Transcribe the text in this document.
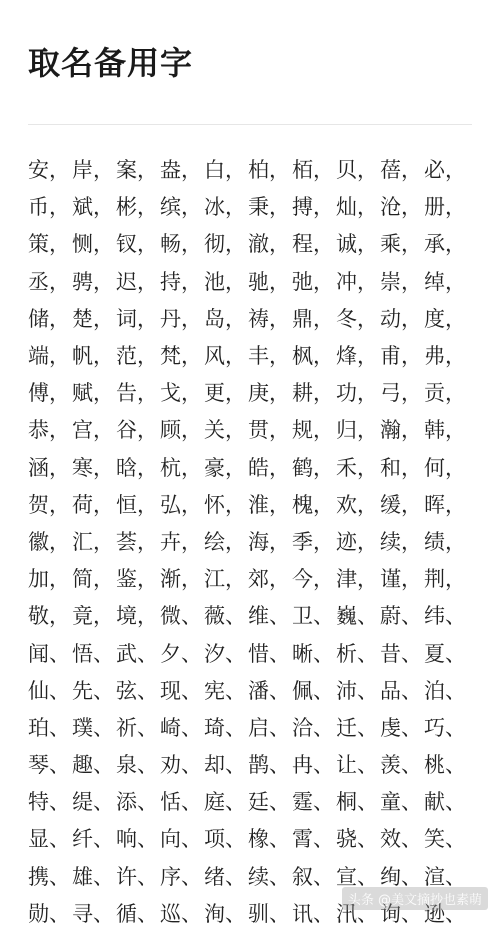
取名备用字
安， 岸， 案， 盎， 白， 柏， 栢， 贝， 蓓， 必，
币， 斌， 彬， 缤， 冰， 秉， 搏， 灿， 沧， 册，
策， 恻， 钗， 畅， 彻， 澈， 程， 诚， 乘， 承，
丞， 骋， 迟， 持， 池， 驰， 弛， 冲， 崇， 绰，
储， 楚， 词， 丹， 岛， 祷， 鼎， 冬， 动， 度，
端， 帆， 范， 梵， 风， 丰， 枫， 烽， 甫， 弗，
傅， 赋， 告， 戈， 更， 庚， 耕， 功， 弓， 贡，
恭， 宫， 谷， 顾， 关， 贯， 规， 归， 瀚， 韩，
涵， 寒， 晗， 杭， 豪， 皓， 鹤， 禾， 和， 何，
贺， 荷， 恒， 弘， 怀， 淮， 槐， 欢， 缓， 晖，
徽， 汇， 荟， 卉， 绘， 海， 季， 迹， 续， 绩，
加， 简， 鉴， 渐， 江， 郊， 今， 津， 谨， 荆，
敬， 竟， 境， 微、 薇、 维、 卫、 巍、 蔚、 纬、
闻、 悟、 武、 夕、 汐、 惜、 晰、 析、 昔、 夏、
仙、 先、 弦、 现、 宪、 潘、 佩、 沛、 品、 泊、
珀、 璞、 祈、 崎、 琦、 启、 洽、 迁、 虔、 巧、
琴、 趣、 泉、 劝、 却、 鹊、 冉、 让、 羡、 桃、
特、 缇、 添、 恬、 庭、 廷、 霆、 桐、 童、 献、
显、 纤、 响、 向、 项、 橡、 霄、 骁、 效、 笑、
携、 雄、 许、 序、 绪、 续、 叙、 宣、 绚、 渲、
勋、 寻、 循、 巡、 洵、 驯、 讯、 汛、 询、 逊、
头条 @美文摘抄也素萌
